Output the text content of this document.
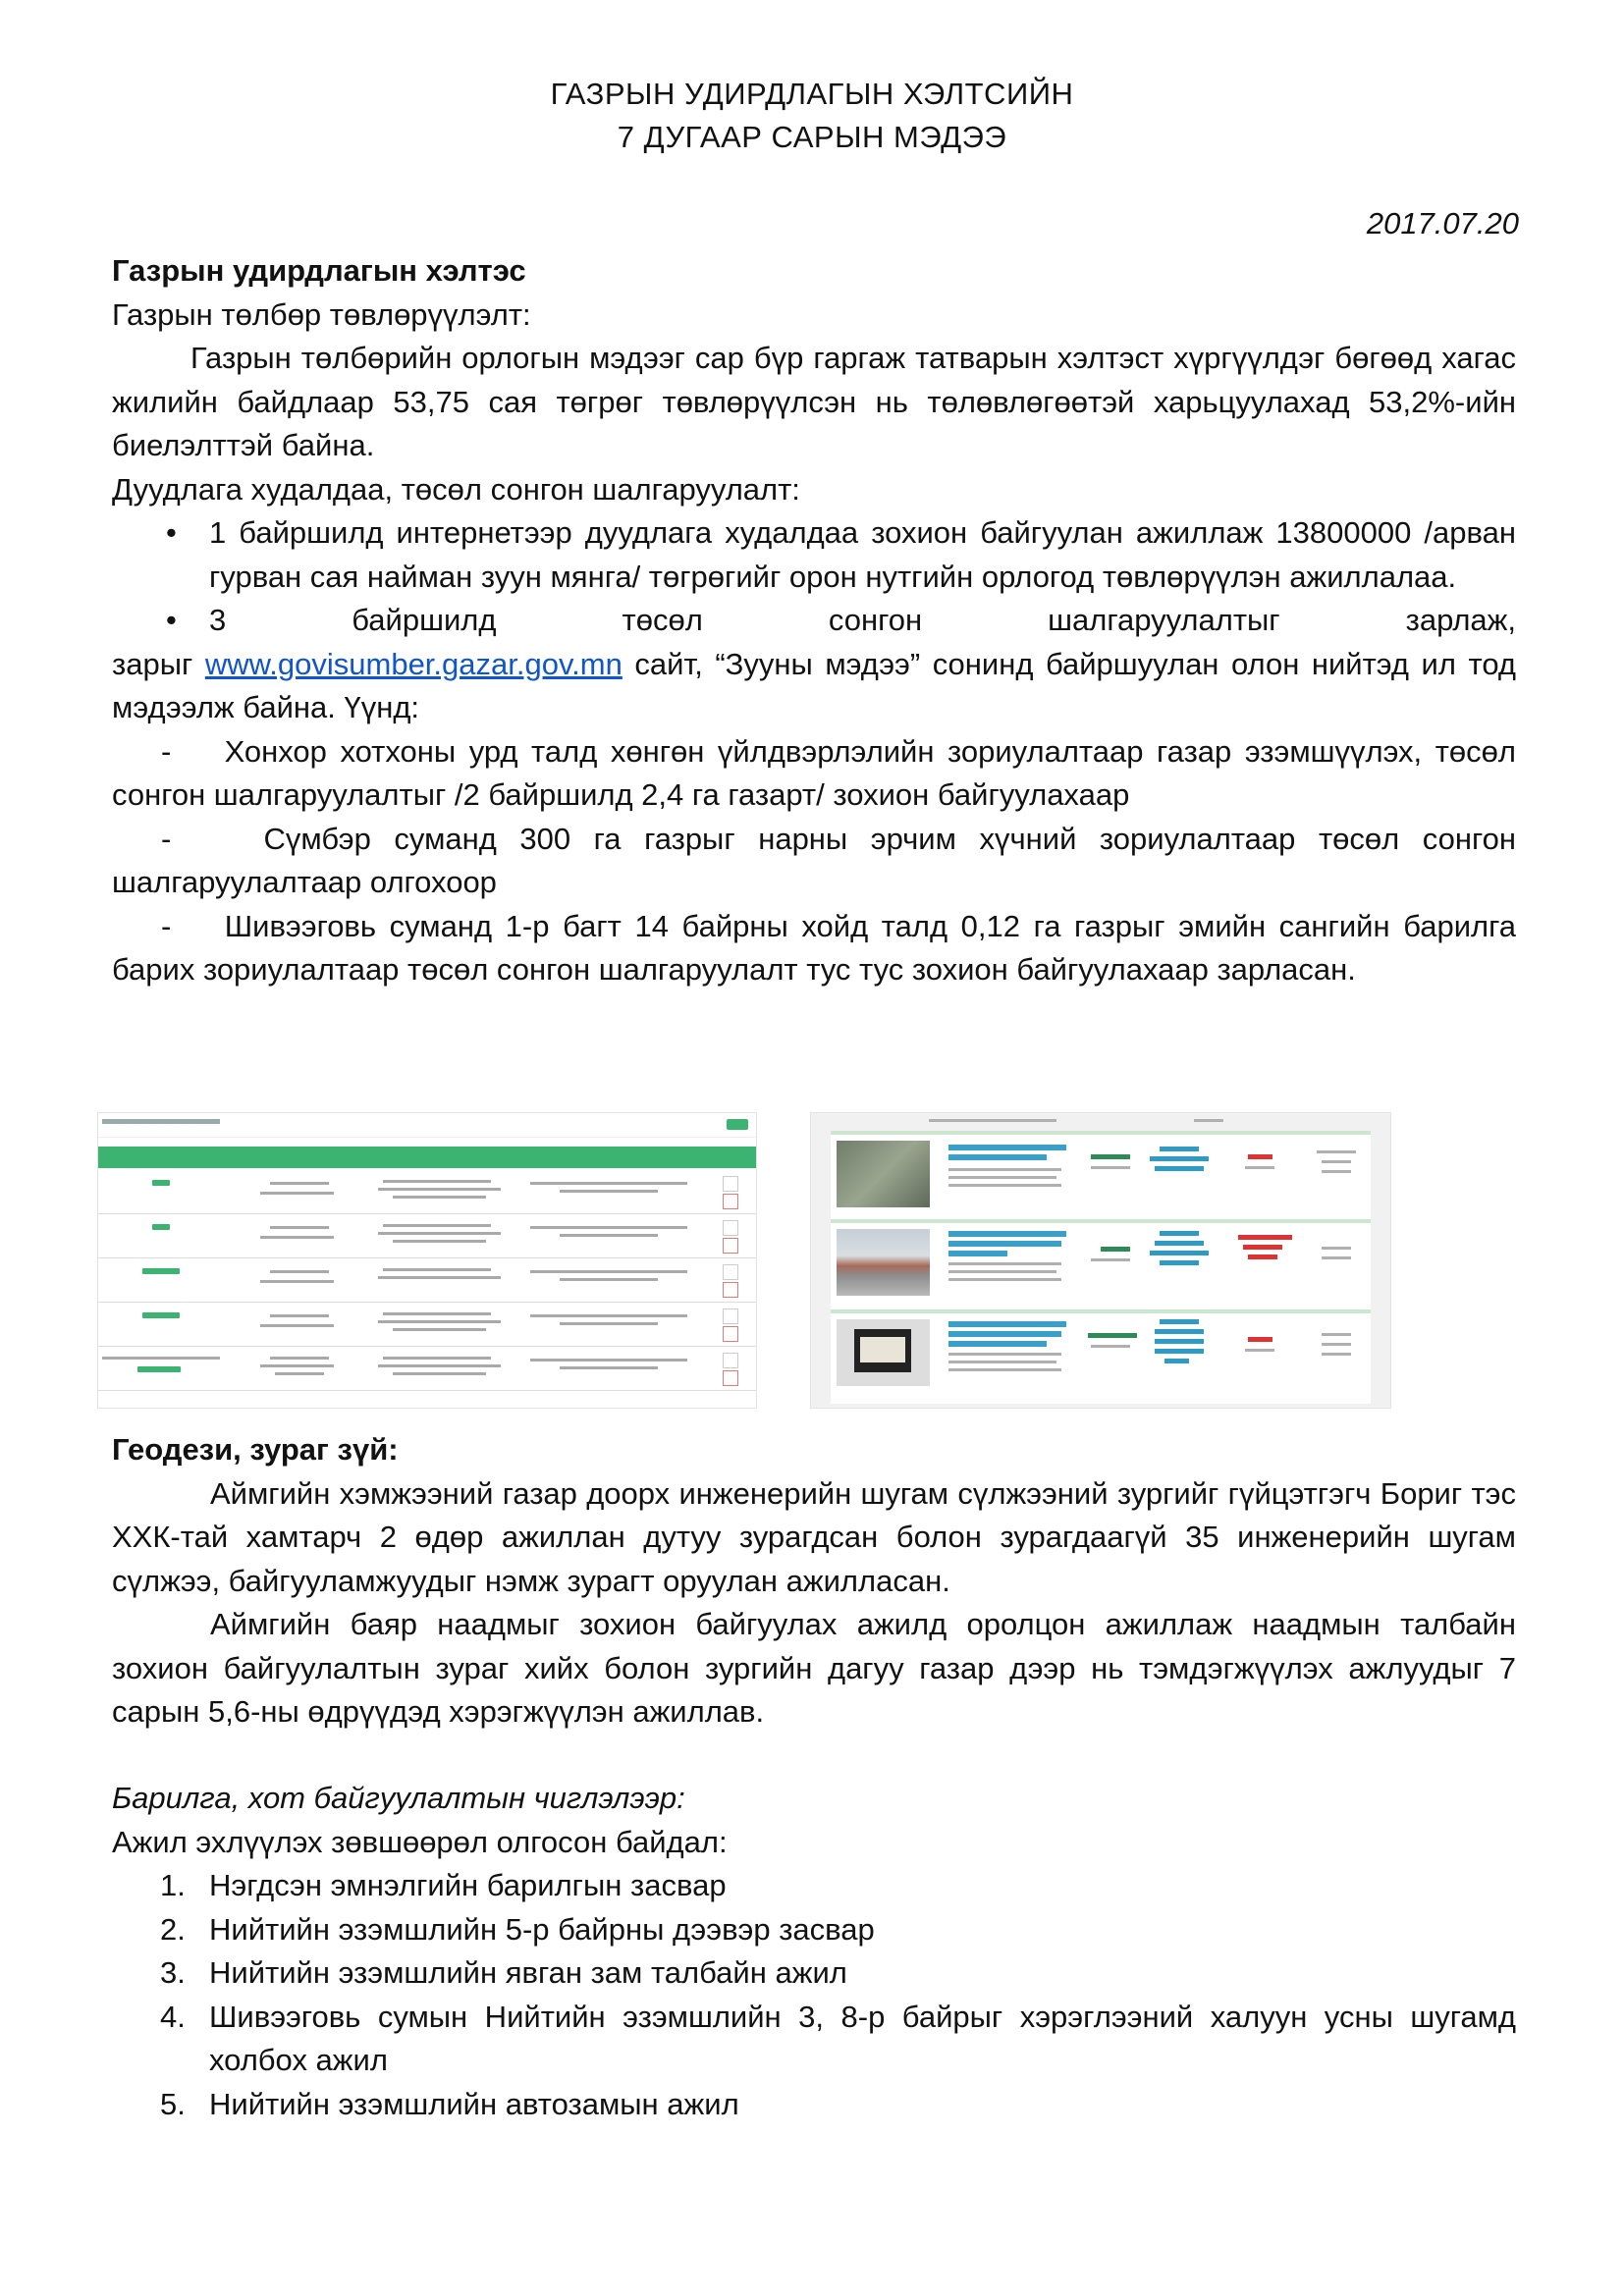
ГАЗРЫН УДИРДЛАГЫН ХЭЛТСИЙН
7 ДУГААР САРЫН МЭДЭЭ
2017.07.20
Газрын удирдлагын хэлтэс
Газрын төлбөр төвлөрүүлэлт:
Газрын төлбөрийн орлогын мэдээг сар бүр гаргаж татварын хэлтэст хүргүүлдэг бөгөөд хагас жилийн байдлаар 53,75 сая төгрөг төвлөрүүлсэн нь төлөвлөгөөтэй харьцуулахад 53,2%-ийн биелэлттэй байна.
Дуудлага худалдаа, төсөл сонгон шалгаруулалт:
• 1 байршилд интернетээр дуудлага худалдаа зохион байгуулан ажиллаж 13800000 /арван гурван сая найман зуун мянга/ төгрөгийг орон нутгийн орлогод төвлөрүүлэн ажиллалаа.
• 3 байршилд төсөл сонгон шалгаруулалтыг зарлаж, зарыг www.govisumber.gazar.gov.mn сайт, “Зууны мэдээ” сонинд байршуулан олон нийтэд ил тод мэдээлж байна. Үүнд:
-    Хонхор хотхоны урд талд хөнгөн үйлдвэрлэлийн зориулалтаар газар эзэмшүүлэх, төсөл сонгон шалгаруулалтыг /2 байршилд 2,4 га газарт/ зохион байгуулахаар
-    Сүмбэр суманд 300 га газрыг нарны эрчим хүчний зориулалтаар төсөл сонгон шалгаруулалтаар олгохоор
-    Шивээговь суманд 1-р багт 14 байрны хойд талд 0,12 га газрыг эмийн сангийн барилга барих зориулалтаар төсөл сонгон шалгаруулалт тус тус зохион байгуулахаар зарласан.
Геодези, зураг зүй:
Аймгийн хэмжээний газар доорх инженерийн шугам сүлжээний зургийг гүйцэтгэгч Бориг тэс ХХК-тай хамтарч 2 өдөр ажиллан дутуу зурагдсан болон зурагдаагүй 35 инженерийн шугам сүлжээ, байгууламжуудыг нэмж зурагт оруулан ажилласан.
Аймгийн баяр наадмыг зохион байгуулах ажилд оролцон ажиллаж наадмын талбайн зохион байгуулалтын зураг хийх болон зургийн дагуу газар дээр нь тэмдэгжүүлэх ажлуудыг 7 сарын 5,6-ны өдрүүдэд хэрэгжүүлэн ажиллав.
Барилга, хот байгуулалтын чиглэлээр:
Ажил эхлүүлэх зөвшөөрөл олгосон байдал:
1. Нэгдсэн эмнэлгийн барилгын засвар
2. Нийтийн эзэмшлийн 5-р байрны дээвэр засвар
3. Нийтийн эзэмшлийн явган зам талбайн ажил
4. Шивээговь сумын Нийтийн эзэмшлийн 3, 8-р байрыг хэрэглээний халуун усны шугамд холбох ажил
5. Нийтийн эзэмшлийн автозамын ажил
